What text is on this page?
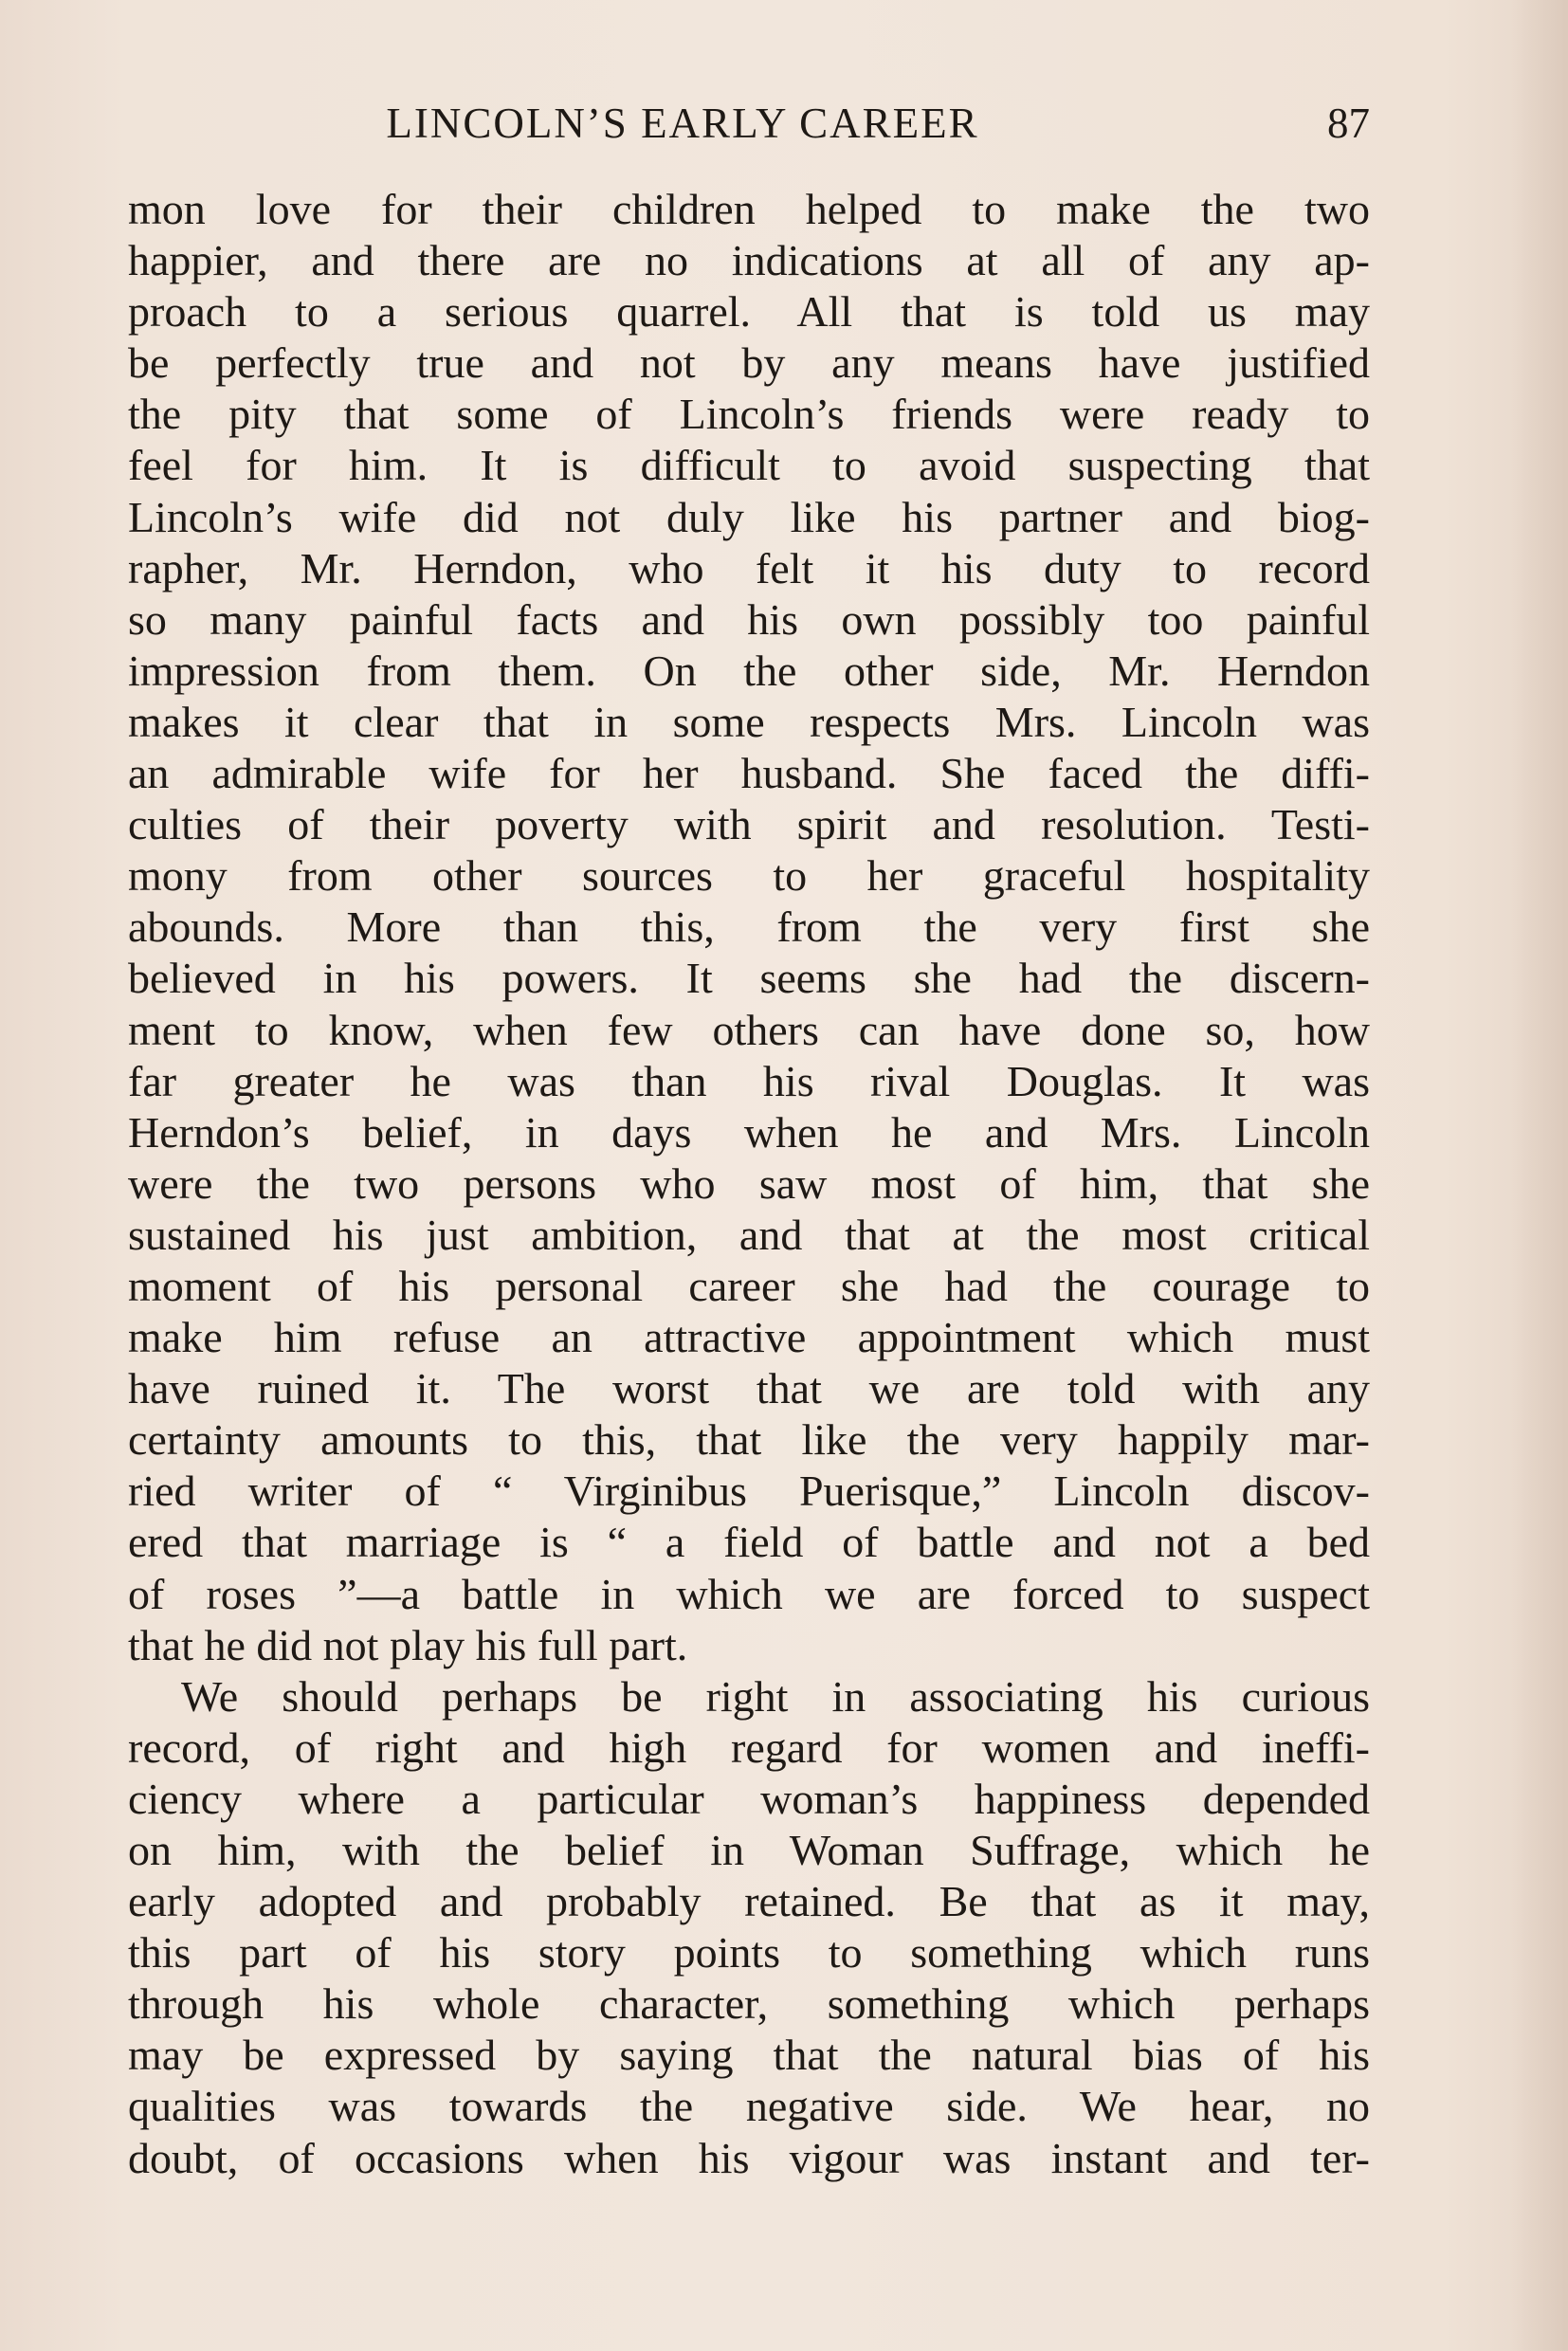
LINCOLN’S EARLY CAREER	87
mon love for their children helped to make the two
happier, and there are no indications at all of any ap-
proach to a serious quarrel. All that is told us may
be perfectly true and not by any means have justified
the pity that some of Lincoln’s friends were ready to
feel for him. It is difficult to avoid suspecting that
Lincoln’s wife did not duly like his partner and biog-
rapher, Mr. Herndon, who felt it his duty to record
so many painful facts and his own possibly too painful
impression from them. On the other side, Mr. Herndon
makes it clear that in some respects Mrs. Lincoln was
an admirable wife for her husband. She faced the diffi-
culties of their poverty with spirit and resolution. Testi-
mony from other sources to her graceful hospitality
abounds. More than this, from the very first she
believed in his powers. It seems she had the discern-
ment to know, when few others can have done so, how
far greater he was than his rival Douglas. It was
Herndon’s belief, in days when he and Mrs. Lincoln
were the two persons who saw most of him, that she
sustained his just ambition, and that at the most critical
moment of his personal career she had the courage to
make him refuse an attractive appointment which must
have ruined it. The worst that we are told with any
certainty amounts to this, that like the very happily mar-
ried writer of “ Virginibus Puerisque,” Lincoln discov-
ered that marriage is “ a field of battle and not a bed
of roses ”—a battle in which we are forced to suspect
that he did not play his full part.
We should perhaps be right in associating his curious
record, of right and high regard for women and ineffi-
ciency where a particular woman’s happiness depended
on him, with the belief in Woman Suffrage, which he
early adopted and probably retained. Be that as it may,
this part of his story points to something which runs
through his whole character, something which perhaps
may be expressed by saying that the natural bias of his
qualities was towards the negative side. We hear, no
doubt, of occasions when his vigour was instant and ter-
